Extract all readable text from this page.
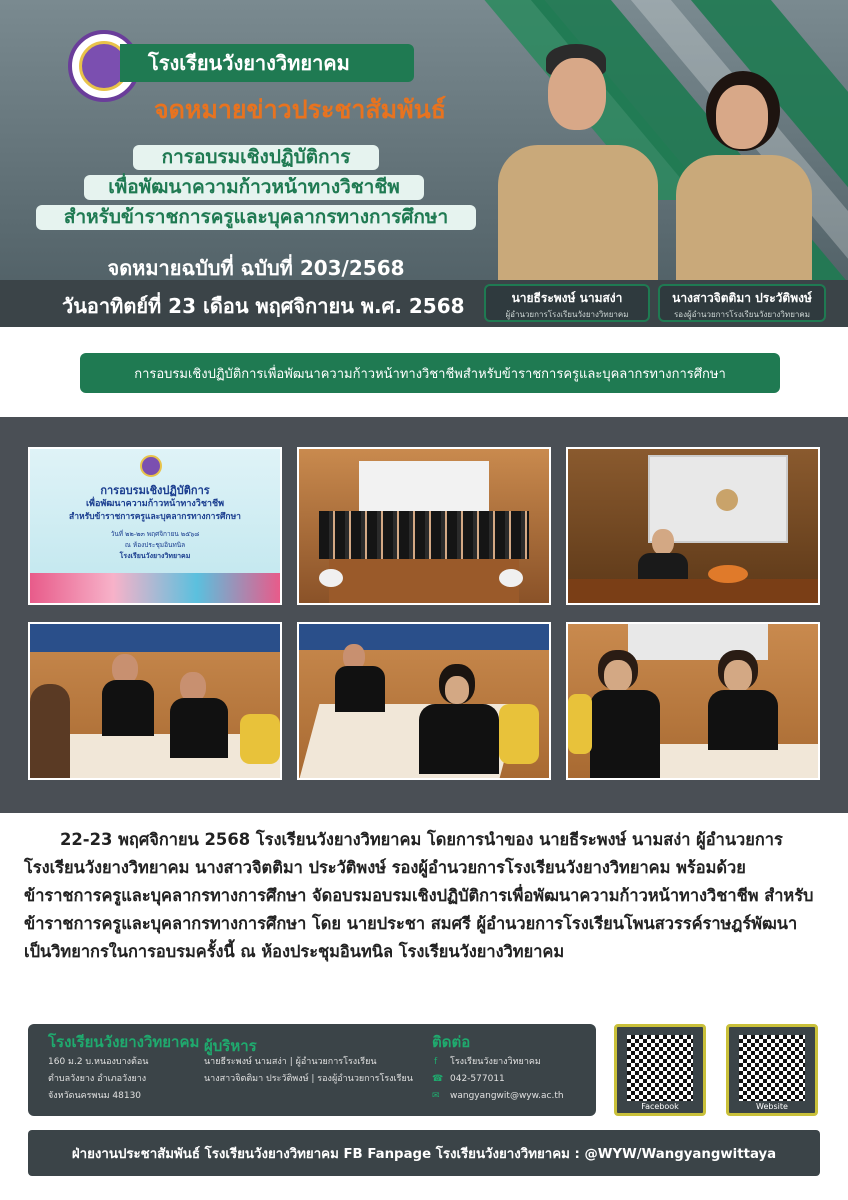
โรงเรียนวังยางวิทยาคม
จดหมายข่าวประชาสัมพันธ์
การอบรมเชิงปฏิบัติการ
เพื่อพัฒนาความก้าวหน้าทางวิชาชีพ
สำหรับข้าราชการครูและบุคลากรทางการศึกษา
จดหมายฉบับที่ ฉบับที่ 203/2568
วันอาทิตย์ที่ 23 เดือน พฤศจิกายน พ.ศ. 2568	นายธีระพงษ์ นามสง่า
ผู้อำนวยการโรงเรียนวังยางวิทยาคม
นางสาวจิตติมา ประวัติพงษ์
รองผู้อำนวยการโรงเรียนวังยางวิทยาคม
การอบรมเชิงปฏิบัติการเพื่อพัฒนาความก้าวหน้าทางวิชาชีพสำหรับข้าราชการครูและบุคลากรทางการศึกษา
การอบรมเชิงปฏิบัติการ
เพื่อพัฒนาความก้าวหน้าทางวิชาชีพ
สำหรับข้าราชการครูและบุคลากรทางการศึกษา
วันที่ ๒๒-๒๓ พฤศจิกายน ๒๕๖๘
ณ ห้องประชุมอินทนิล
โรงเรียนวังยางวิทยาคม
22-23 พฤศจิกายน 2568 โรงเรียนวังยางวิทยาคม โดยการนำของ นายธีระพงษ์ นามสง่า ผู้อำนวยการโรงเรียนวังยางวิทยาคม นางสาวจิตติมา ประวัติพงษ์ รองผู้อำนวยการโรงเรียนวังยางวิทยาคม พร้อมด้วย ข้าราชการครูและบุคลากรทางการศึกษา จัดอบรมอบรมเชิงปฏิบัติการเพื่อพัฒนาความก้าวหน้าทางวิชาชีพ สำหรับข้าราชการครูและบุคลากรทางการศึกษา โดย นายประชา สมศรี ผู้อำนวยการโรงเรียนโพนสวรรค์ราษฎร์พัฒนา เป็นวิทยากรในการอบรมครั้งนี้ ณ ห้องประชุมอินทนิล โรงเรียนวังยางวิทยาคม
โรงเรียนวังยางวิทยาคม
160 ม.2 บ.หนองบางต้อน
ตำบลวังยาง อำเภอวังยาง
จังหวัดนครพนม 48130
ผู้บริหาร
นายธีระพงษ์ นามสง่า | ผู้อำนวยการโรงเรียน
นางสาวจิตติมา ประวัติพงษ์ | รองผู้อำนวยการโรงเรียน
ติดต่อ
f โรงเรียนวังยางวิทยาคม
☎ 042-577011
✉ wangyangwit@wyw.ac.th
Facebook	Website
ฝ่ายงานประชาสัมพันธ์ โรงเรียนวังยางวิทยาคม FB Fanpage โรงเรียนวังยางวิทยาคม : @WYW/Wangyangwittaya
